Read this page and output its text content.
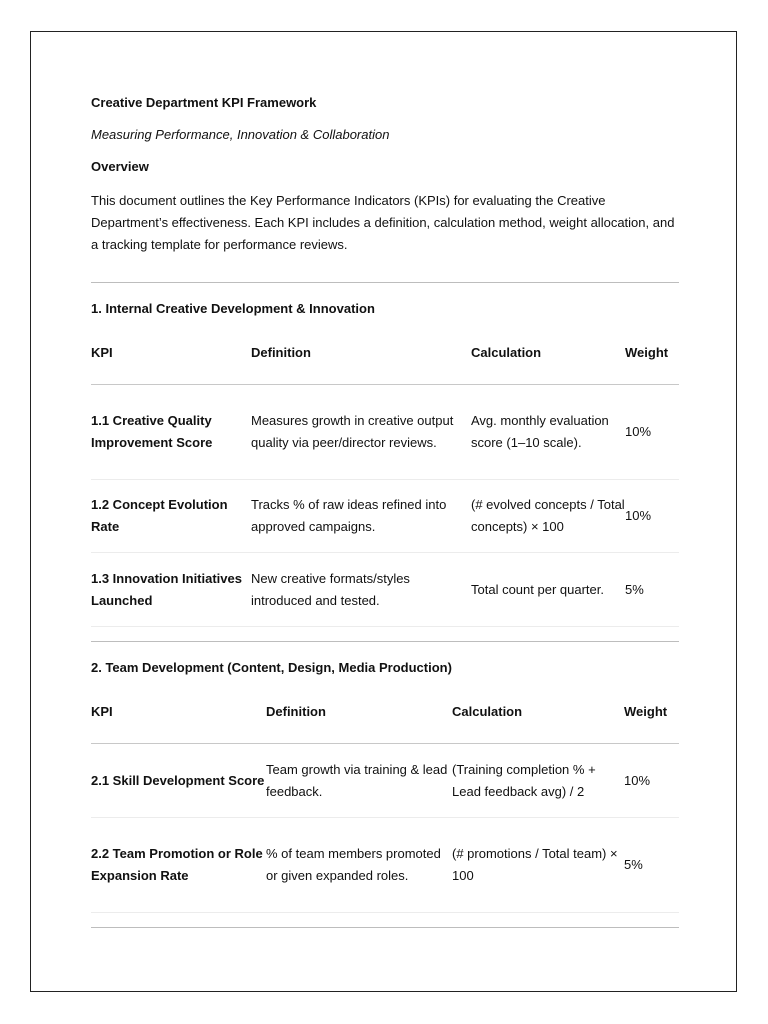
Creative Department KPI Framework
Measuring Performance, Innovation & Collaboration
Overview

This document outlines the Key Performance Indicators (KPIs) for evaluating the Creative Department’s effectiveness. Each KPI includes a definition, calculation method, weight allocation, and a tracking template for performance reviews.

1. Internal Creative Development & Innovation
KPI	Definition	Calculation	Weight
1.1 Creative Quality Improvement Score	Measures growth in creative output quality via peer/director reviews.	Avg. monthly evaluation score (1–10 scale).	10%
1.2 Concept Evolution Rate	Tracks % of raw ideas refined into approved campaigns.	(# evolved concepts / Total concepts) × 100	10%
1.3 Innovation Initiatives Launched	New creative formats/styles introduced and tested.	Total count per quarter.	5%
2. Team Development (Content, Design, Media Production)
KPI	Definition	Calculation	Weight
2.1 Skill Development Score	Team growth via training & lead feedback.	(Training completion % + Lead feedback avg) / 2	10%
2.2 Team Promotion or Role Expansion Rate	% of team members promoted or given expanded roles.	(# promotions / Total team) × 100	5%
